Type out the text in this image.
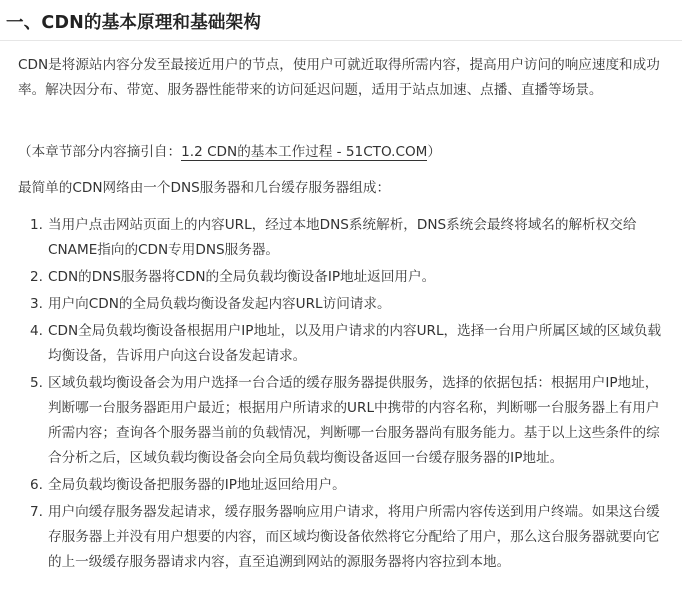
一、CDN的基本原理和基础架构

CDN是将源站内容分发至最接近用户的节点，使用户可就近取得所需内容，提高用户访问的响应速度和成功率。解决因分布、带宽、服务器性能带来的访问延迟问题，适用于站点加速、点播、直播等场景。

（本章节部分内容摘引自：1.2 CDN的基本工作过程 - 51CTO.COM）

最简单的CDN网络由一个DNS服务器和几台缓存服务器组成：

1. 当用户点击网站页面上的内容URL，经过本地DNS系统解析，DNS系统会最终将域名的解析权交给CNAME指向的CDN专用DNS服务器。
2. CDN的DNS服务器将CDN的全局负载均衡设备IP地址返回用户。
3. 用户向CDN的全局负载均衡设备发起内容URL访问请求。
4. CDN全局负载均衡设备根据用户IP地址，以及用户请求的内容URL，选择一台用户所属区域的区域负载均衡设备，告诉用户向这台设备发起请求。
5. 区域负载均衡设备会为用户选择一台合适的缓存服务器提供服务，选择的依据包括：根据用户IP地址，判断哪一台服务器距用户最近；根据用户所请求的URL中携带的内容名称，判断哪一台服务器上有用户所需内容；查询各个服务器当前的负载情况，判断哪一台服务器尚有服务能力。基于以上这些条件的综合分析之后，区域负载均衡设备会向全局负载均衡设备返回一台缓存服务器的IP地址。
6. 全局负载均衡设备把服务器的IP地址返回给用户。
7. 用户向缓存服务器发起请求，缓存服务器响应用户请求，将用户所需内容传送到用户终端。如果这台缓存服务器上并没有用户想要的内容，而区域均衡设备依然将它分配给了用户，那么这台服务器就要向它的上一级缓存服务器请求内容，直至追溯到网站的源服务器将内容拉到本地。
